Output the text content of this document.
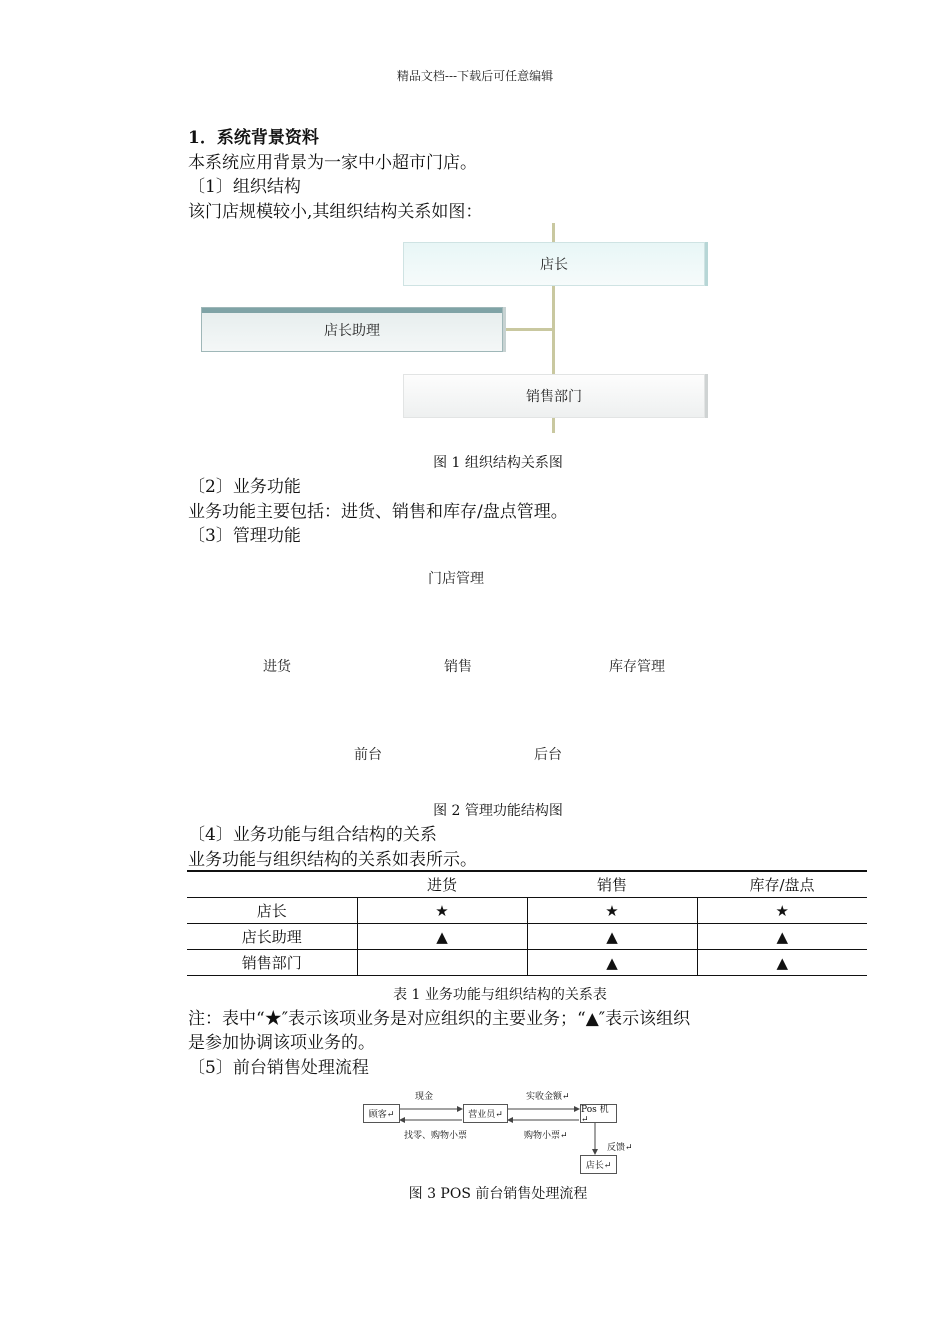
精品文档---下载后可任意编辑
1．系统背景资料
本系统应用背景为一家中小超市门店。
〔1〕组织结构
该门店规模较小,其组织结构关系如图：
店长
店长助理
销售部门
图 1 组织结构关系图
〔2〕业务功能
业务功能主要包括：进货、销售和库存/盘点管理。
〔3〕管理功能
门店管理
进货	销售	库存管理
前台	后台
图 2 管理功能结构图
〔4〕业务功能与组合结构的关系
业务功能与组织结构的关系如表所示。
	进货	销售	库存/盘点
店长	★	★	★
店长助理	▲	▲	▲
销售部门		▲	▲
表 1 业务功能与组织结构的关系表
注：表中“★″表示该项业务是对应组织的主要业务；“▲″表示该组织
是参加协调该项业务的。
〔5〕前台销售处理流程
顾客↵	营业员↵	Pos 机↵
店长↵
现金	实收金额↵
找零、购物小票	购物小票↵
反馈↵
图 3 POS 前台销售处理流程
